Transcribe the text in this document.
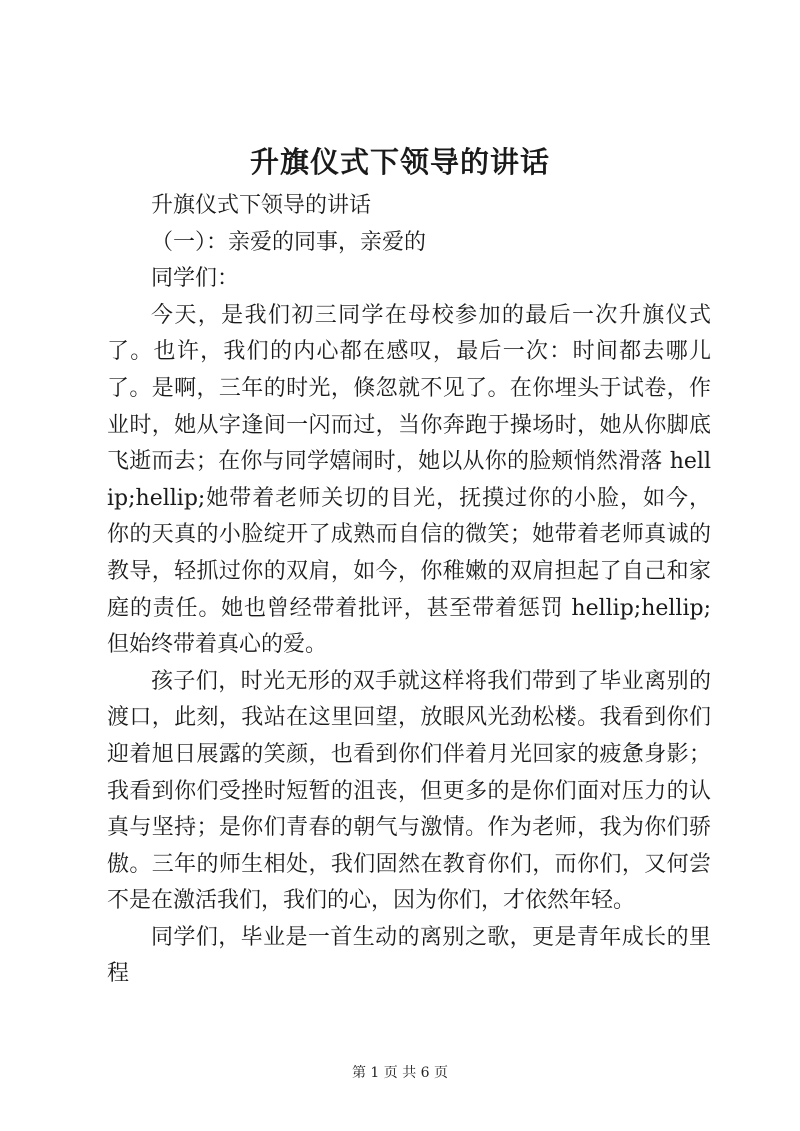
升旗仪式下领导的讲话

升旗仪式下领导的讲话

（一）：亲爱的同事，亲爱的

同学们：

今天，是我们初三同学在母校参加的最后一次升旗仪式了。也许，我们的内心都在感叹，最后一次：时间都去哪儿了。是啊，三年的时光，倏忽就不见了。在你埋头于试卷，作业时，她从字逢间一闪而过，当你奔跑于操场时，她从你脚底飞逝而去；在你与同学嬉闹时，她以从你的脸颊悄然滑落 hellip;hellip;她带着老师关切的目光，抚摸过你的小脸，如今，你的天真的小脸绽开了成熟而自信的微笑；她带着老师真诚的教导，轻抓过你的双肩，如今，你稚嫩的双肩担起了自己和家庭的责任。她也曾经带着批评，甚至带着惩罚 hellip;hellip;但始终带着真心的爱。

孩子们，时光无形的双手就这样将我们带到了毕业离别的渡口，此刻，我站在这里回望，放眼风光劲松楼。我看到你们迎着旭日展露的笑颜，也看到你们伴着月光回家的疲惫身影；我看到你们受挫时短暂的沮丧，但更多的是你们面对压力的认真与坚持；是你们青春的朝气与激情。作为老师，我为你们骄傲。三年的师生相处，我们固然在教育你们，而你们，又何尝不是在激活我们，我们的心，因为你们，才依然年轻。

同学们，毕业是一首生动的离别之歌，更是青年成长的里程

第 1 页 共 6 页
